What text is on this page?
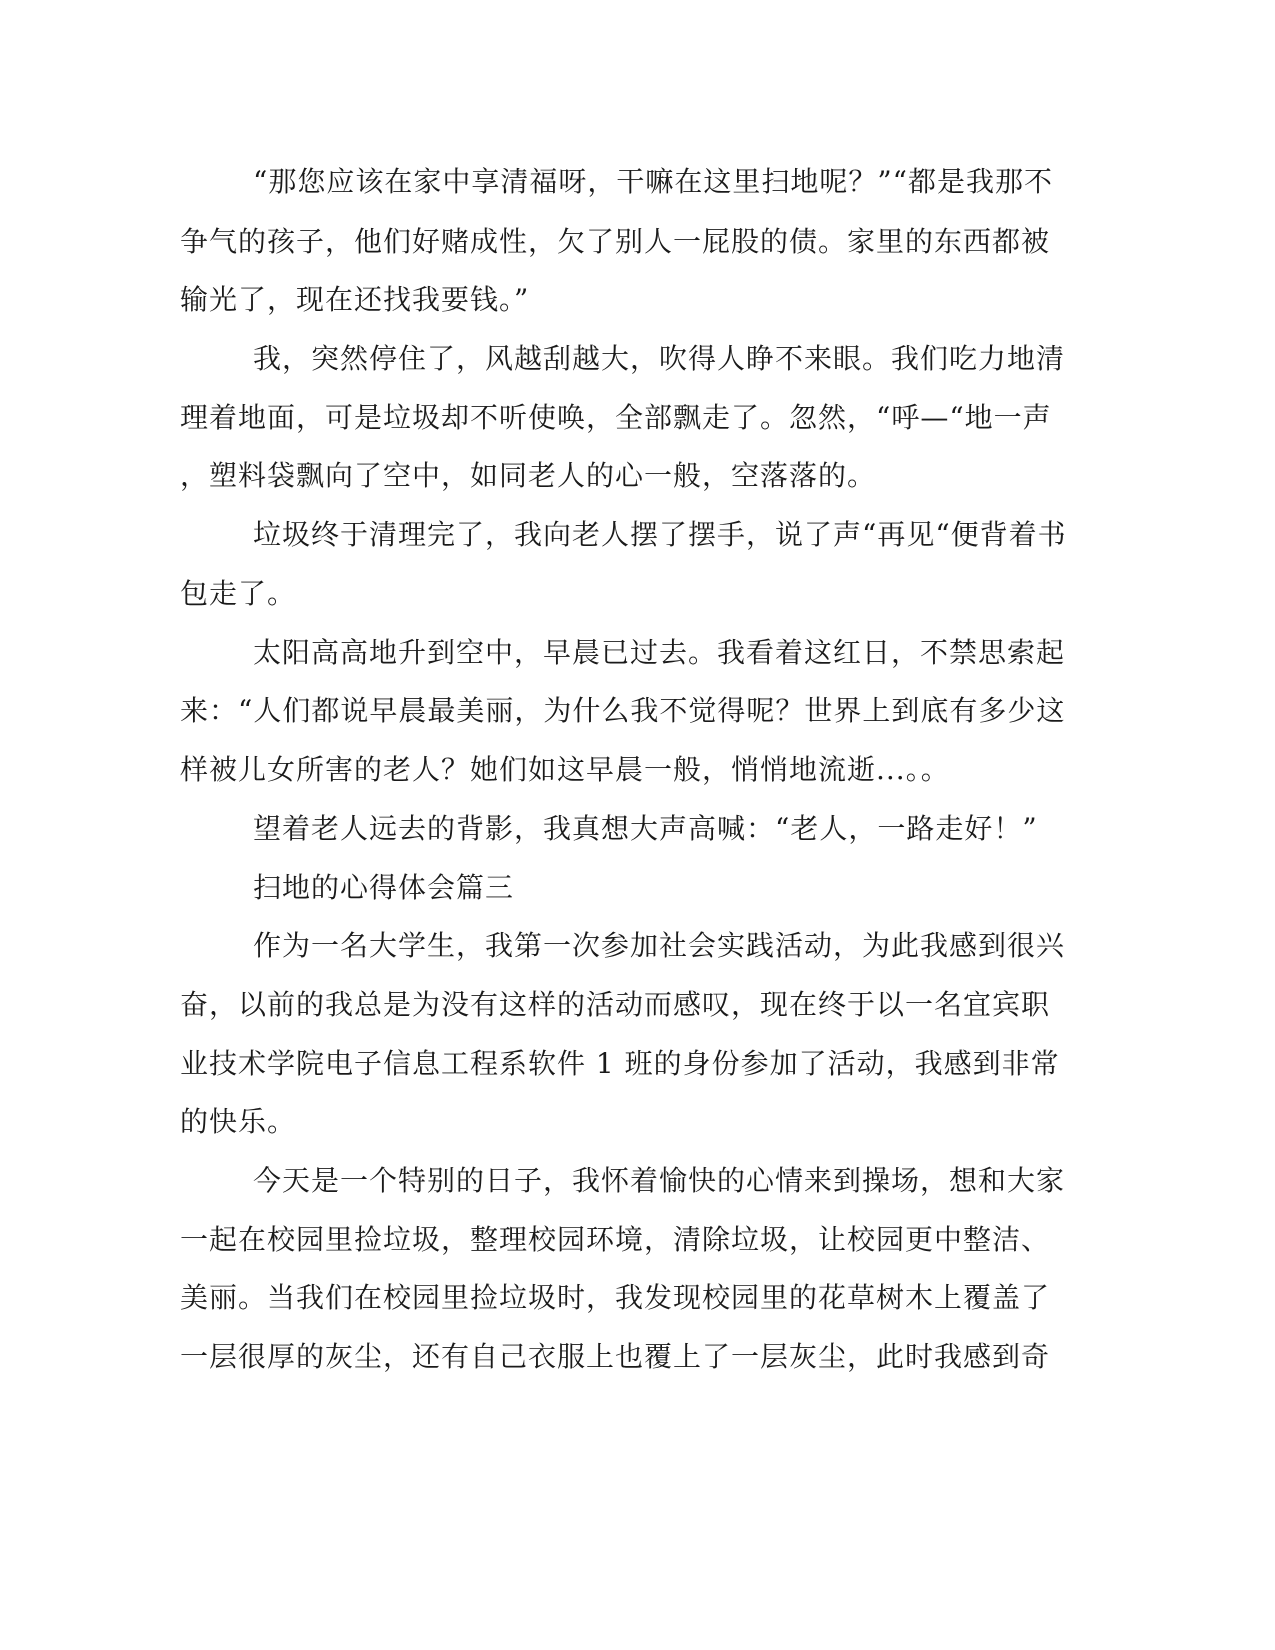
“那您应该在家中享清福呀，干嘛在这里扫地呢？”“都是我那不
争气的孩子，他们好赌成性，欠了别人一屁股的债。家里的东西都被
输光了，现在还找我要钱。”
我，突然停住了，风越刮越大，吹得人睁不来眼。我们吃力地清
理着地面，可是垃圾却不听使唤，全部飘走了。忽然，“呼—“地一声
，塑料袋飘向了空中，如同老人的心一般，空落落的。
垃圾终于清理完了，我向老人摆了摆手，说了声“再见“便背着书
包走了。
太阳高高地升到空中，早晨已过去。我看着这红日，不禁思索起
来：“人们都说早晨最美丽，为什么我不觉得呢？世界上到底有多少这
样被儿女所害的老人？她们如这早晨一般，悄悄地流逝...。。
望着老人远去的背影，我真想大声高喊：“老人，一路走好！”
扫地的心得体会篇三
作为一名大学生，我第一次参加社会实践活动，为此我感到很兴
奋，以前的我总是为没有这样的活动而感叹，现在终于以一名宜宾职
业技术学院电子信息工程系软件 1 班的身份参加了活动，我感到非常
的快乐。
今天是一个特别的日子，我怀着愉快的心情来到操场，想和大家
一起在校园里捡垃圾，整理校园环境，清除垃圾，让校园更中整洁、
美丽。当我们在校园里捡垃圾时，我发现校园里的花草树木上覆盖了
一层很厚的灰尘，还有自己衣服上也覆上了一层灰尘，此时我感到奇
